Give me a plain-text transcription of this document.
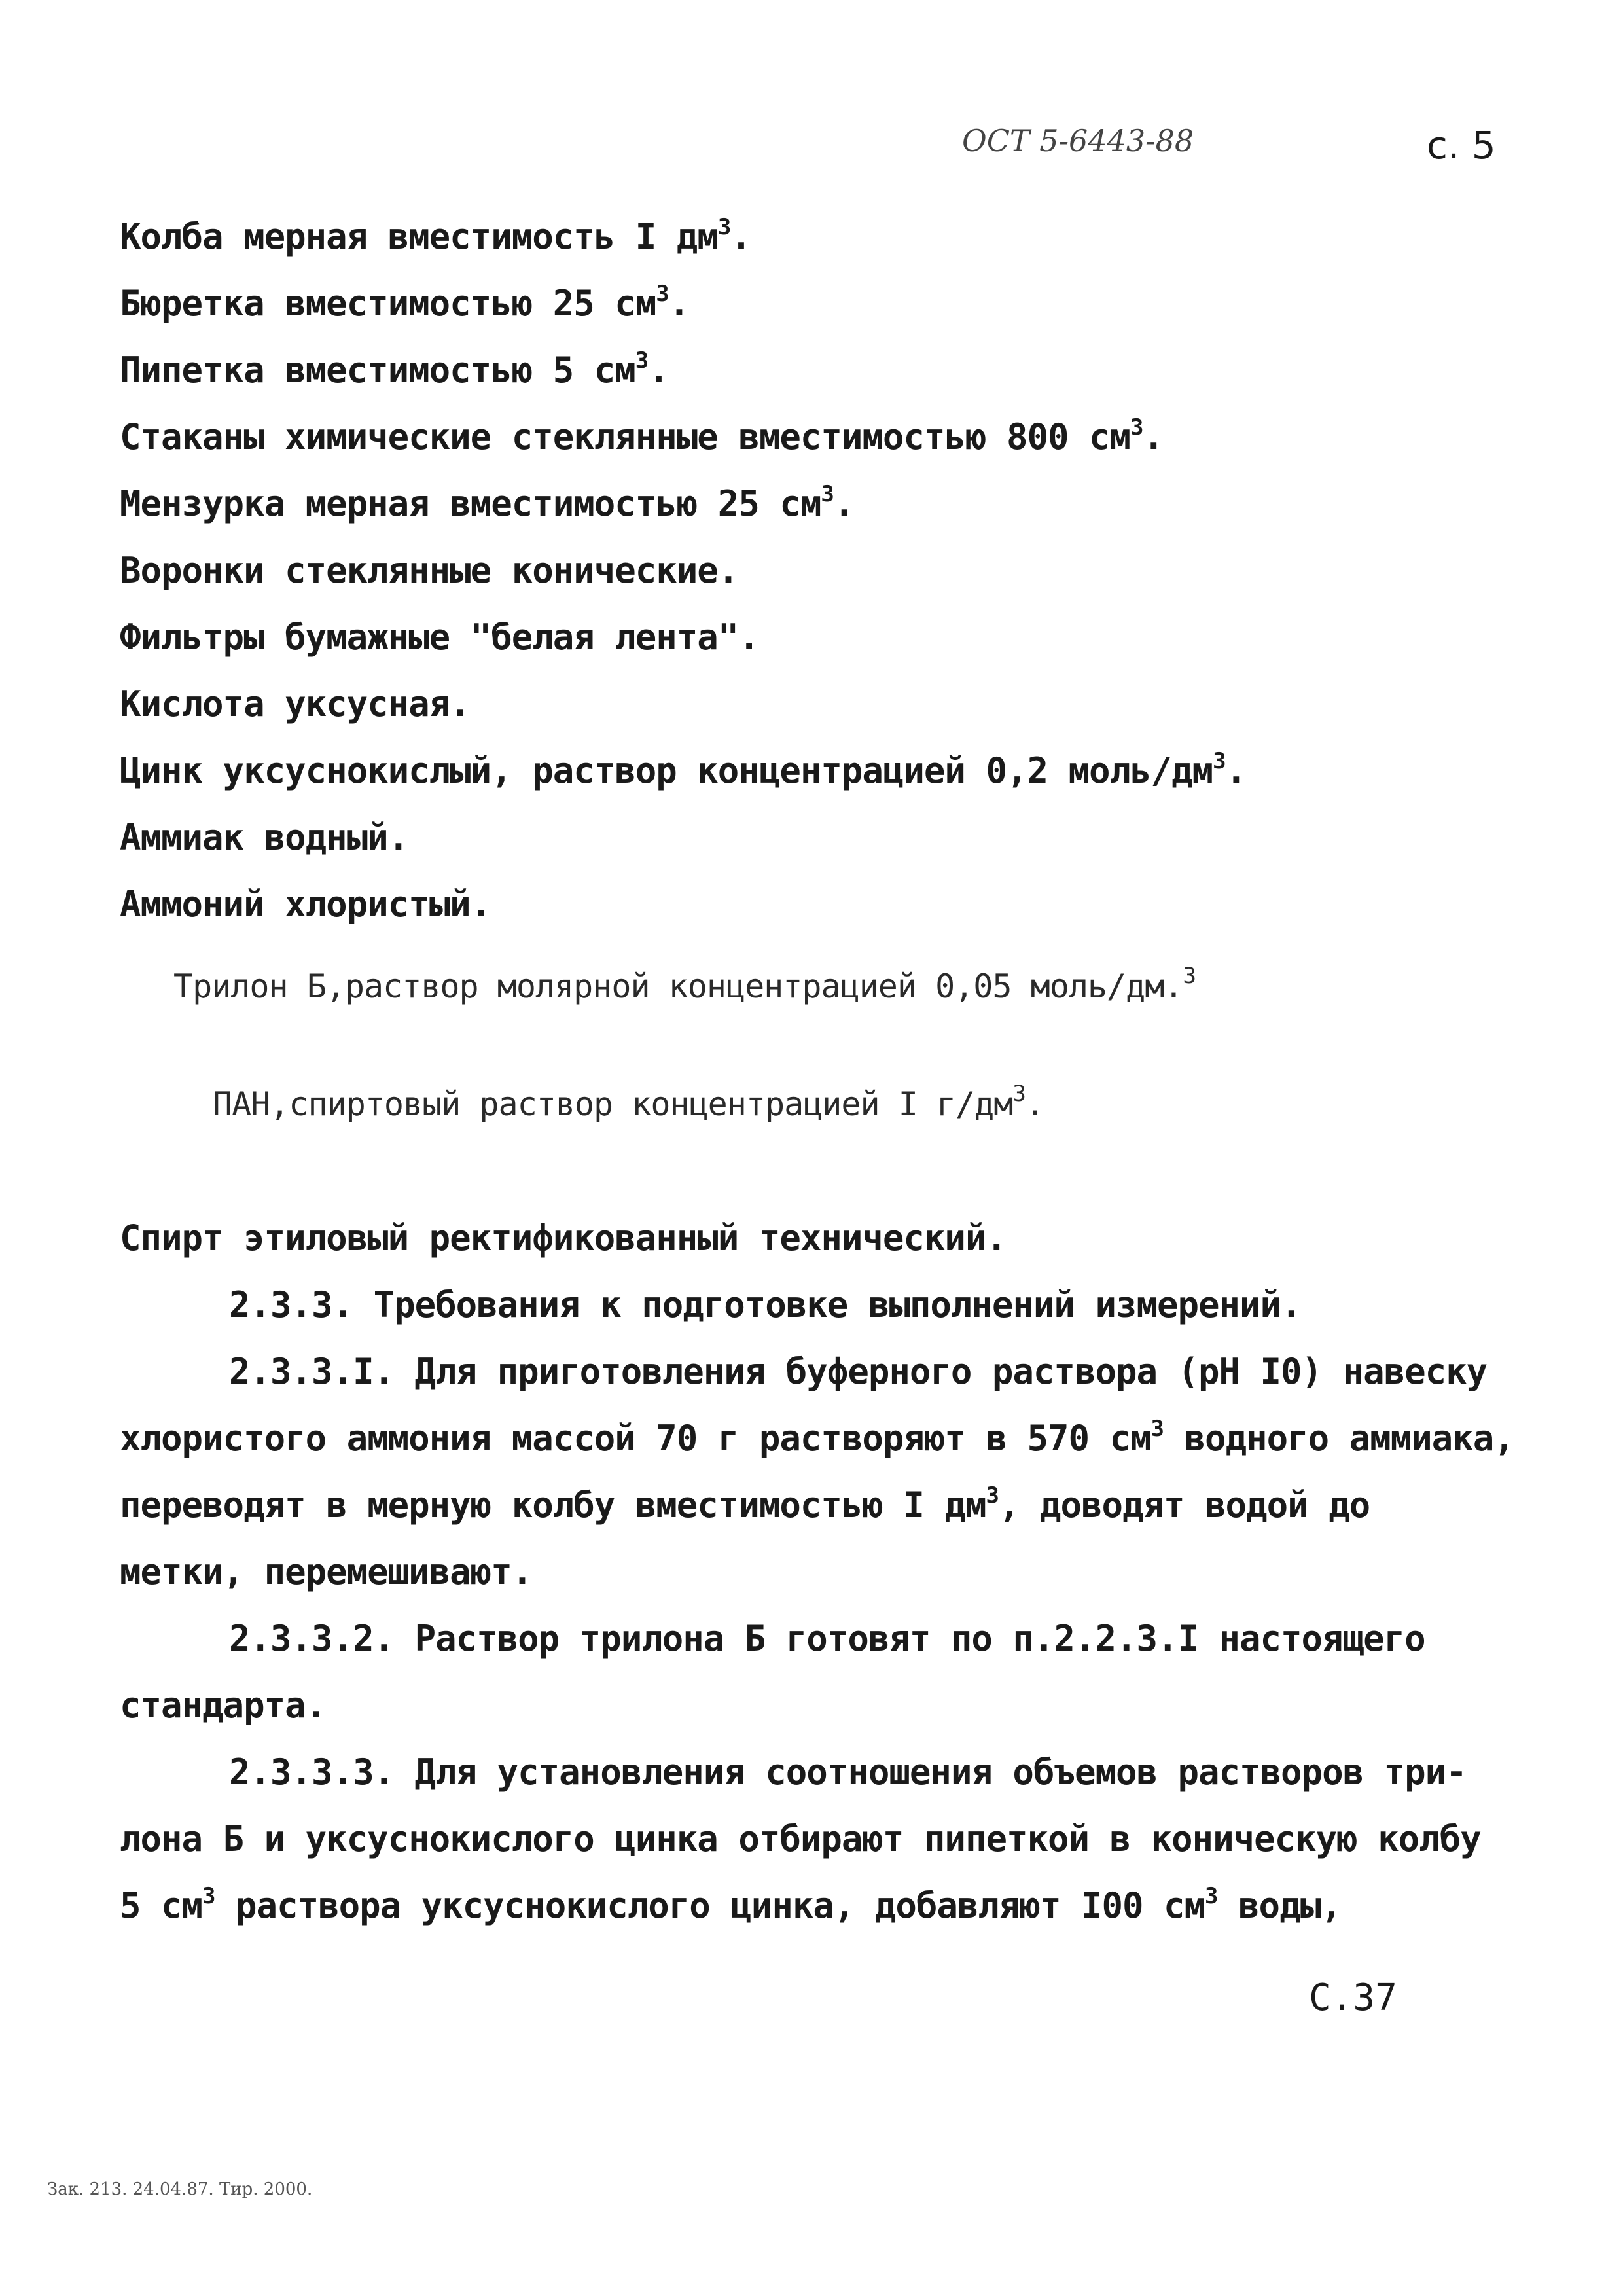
ОСТ 5-6443-88	с. 5
Колба мерная вместимость I $дм^3$.
Бюретка вместимостью 25 $см^3$.
Пипетка вместимостью 5 $см^3$.
Стаканы химические стеклянные вместимостью 800 $см^3$.
Мензурка мерная вместимостью 25 $см^3$.
Воронки стеклянные конические.
Фильтры бумажные "белая лента".
Кислота уксусная.
Цинк уксуснокислый, раствор концентрацией 0,2 моль/$дм^3$.
Аммиак водный.
Аммоний хлористый.
Трилон Б,раствор молярной концентрацией 0,05 моль/дм.$^3$
ПАН,спиртовый раствор концентрацией I $г/дм^3$.
Спирт этиловый ректификованный технический.
2.3.3. Требования к подготовке выполнений измерений.
2.3.3.I. Для приготовления буферного раствора (рН I0) навеску
хлористого аммония массой 70 г растворяют в 570 $см^3$ водного аммиака,
переводят в мерную колбу вместимостью I $дм^3$, доводят водой до
метки, перемешивают.
2.3.3.2. Раствор трилона Б готовят по п.2.2.3.I настоящего
стандарта.
2.3.3.3. Для установления соотношения объемов растворов три-
лона Б и уксуснокислого цинка отбирают пипеткой в коническую колбу
5 $см^3$ раствора уксуснокислого цинка, добавляют I00 $см^3$ воды,
С.37
Зак. 213. 24.04.87. Тир. 2000.
